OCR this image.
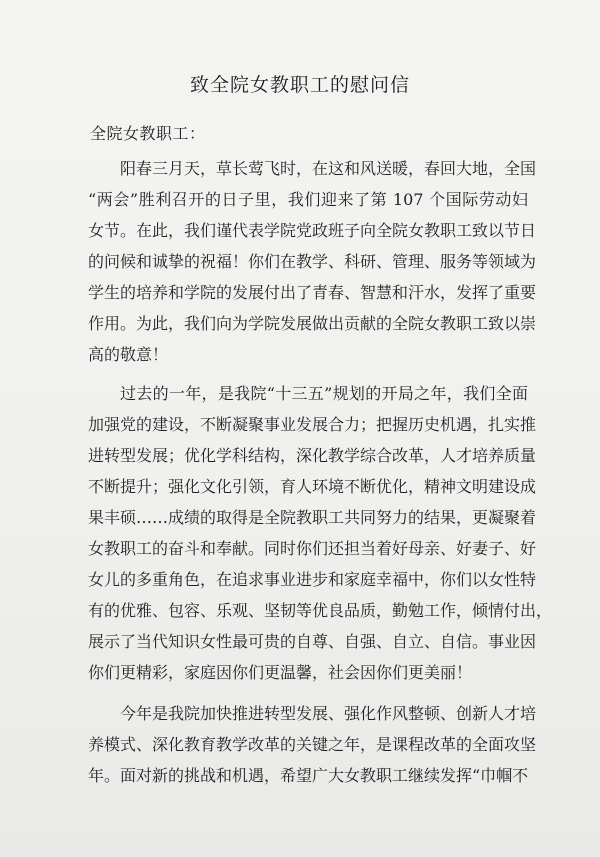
致全院女教职工的慰问信

全院女教职工：

阳春三月天，草长莺飞时，在这和风送暖，春回大地，全国

“两会”胜利召开的日子里，我们迎来了第 107 个国际劳动妇

女节。在此，我们谨代表学院党政班子向全院女教职工致以节日

的问候和诚挚的祝福！你们在教学、科研、管理、服务等领域为

学生的培养和学院的发展付出了青春、智慧和汗水，发挥了重要

作用。为此，我们向为学院发展做出贡献的全院女教职工致以崇

高的敬意！

过去的一年，是我院“十三五”规划的开局之年，我们全面

加强党的建设，不断凝聚事业发展合力；把握历史机遇，扎实推

进转型发展；优化学科结构，深化教学综合改革，人才培养质量

不断提升；强化文化引领，育人环境不断优化，精神文明建设成

果丰硕……成绩的取得是全院教职工共同努力的结果，更凝聚着

女教职工的奋斗和奉献。同时你们还担当着好母亲、好妻子、好

女儿的多重角色，在追求事业进步和家庭幸福中，你们以女性特

有的优雅、包容、乐观、坚韧等优良品质，勤勉工作，倾情付出，

展示了当代知识女性最可贵的自尊、自强、自立、自信。事业因

你们更精彩，家庭因你们更温馨，社会因你们更美丽！

今年是我院加快推进转型发展、强化作风整顿、创新人才培

养模式、深化教育教学改革的关键之年，是课程改革的全面攻坚

年。面对新的挑战和机遇，希望广大女教职工继续发挥“巾帼不
